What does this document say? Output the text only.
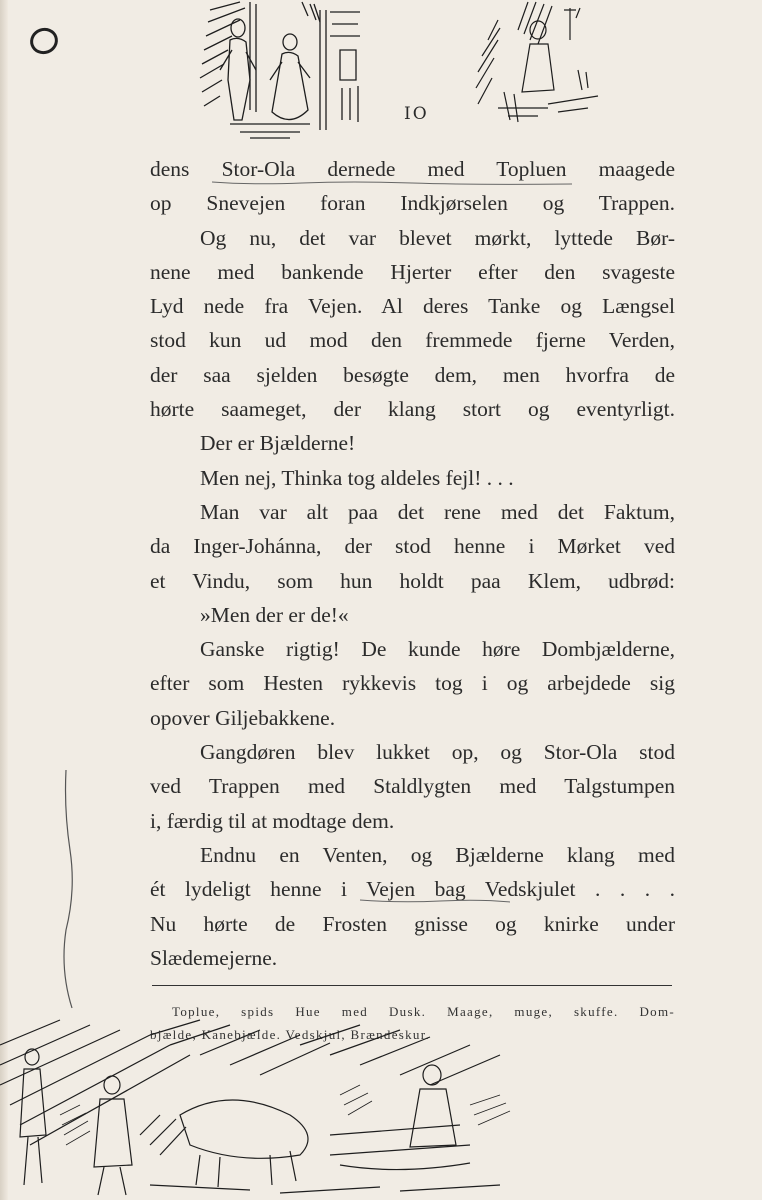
IO
dens Stor-Ola dernede med Topluen maagede
op Snevejen foran Indkjørselen og Trappen.
Og nu, det var blevet mørkt, lyttede Bør-
nene med bankende Hjerter efter den svageste
Lyd nede fra Vejen. Al deres Tanke og Længsel
stod kun ud mod den fremmede fjerne Verden,
der saa sjelden besøgte dem, men hvorfra de
hørte saameget, der klang stort og eventyrligt.
Der er Bjælderne!
Men nej, Thinka tog aldeles fejl! . . .
Man var alt paa det rene med det Faktum,
da Inger-Johánna, der stod henne i Mørket ved
et Vindu, som hun holdt paa Klem, udbrød:
»Men der er de!«
Ganske rigtig! De kunde høre Dombjælderne,
efter som Hesten rykkevis tog i og arbejdede sig
opover Giljebakkene.
Gangdøren blev lukket op, og Stor-Ola stod
ved Trappen med Staldlygten med Talgstumpen
i, færdig til at modtage dem.
Endnu en Venten, og Bjælderne klang med
ét lydeligt henne i Vejen bag Vedskjulet . . . .
Nu hørte de Frosten gnisse og knirke under
Slædemejerne.
Toplue, spids Hue med Dusk. Maage, muge, skuffe. Dom-
bjælde, Kanebjælde. Vedskjul, Brændeskur.
